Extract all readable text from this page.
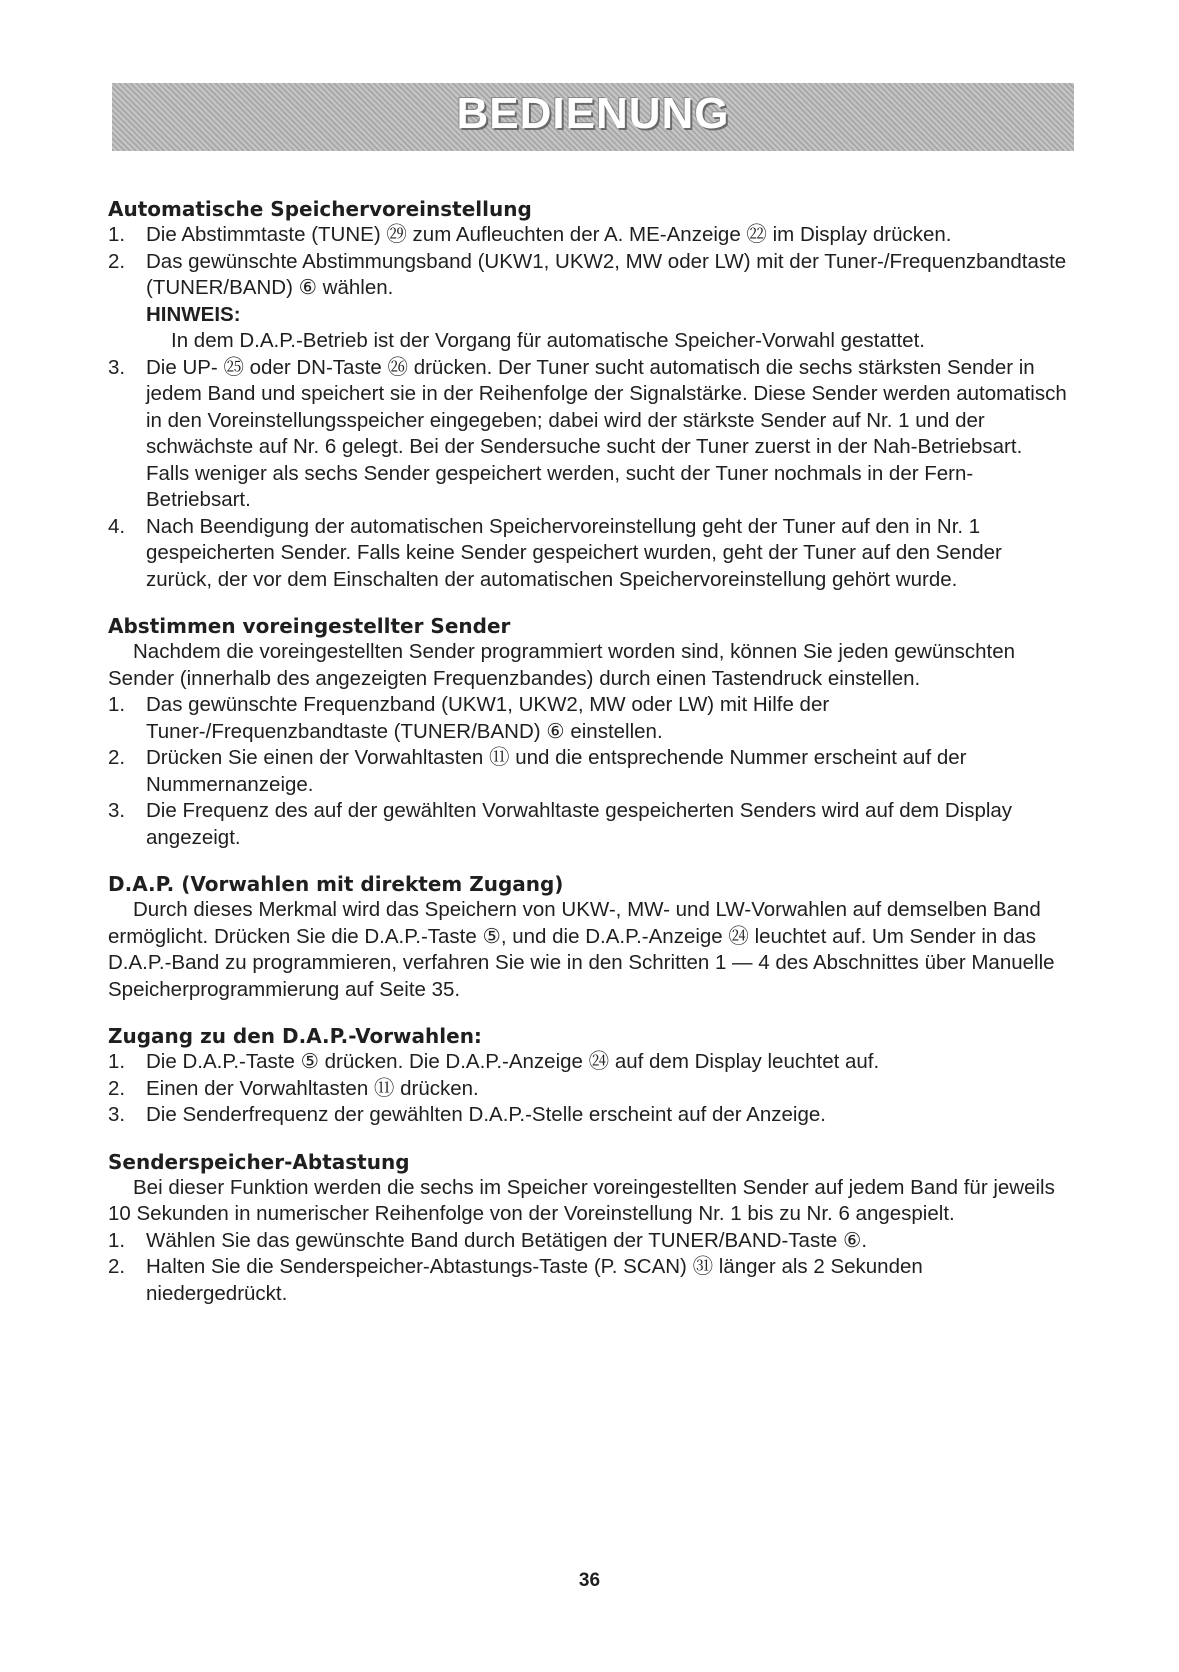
BEDIENUNG

Automatische Speichervoreinstellung

1.	Die Abstimmtaste (TUNE) ㉙ zum Aufleuchten der A. ME-Anzeige ㉒ im Display drücken.
2.	Das gewünschte Abstimmungsband (UKW1, UKW2, MW oder LW) mit der Tuner-/Frequenzbandtaste (TUNER/BAND) ⑥ wählen.
HINWEIS:
In dem D.A.P.-Betrieb ist der Vorgang für automatische Speicher-Vorwahl gestattet.
3.	Die UP- ㉕ oder DN-Taste ㉖ drücken. Der Tuner sucht automatisch die sechs stärksten Sender in jedem Band und speichert sie in der Reihenfolge der Signalstärke. Diese Sender werden automatisch in den Voreinstellungsspeicher eingegeben; dabei wird der stärkste Sender auf Nr. 1 und der schwächste auf Nr. 6 gelegt. Bei der Sendersuche sucht der Tuner zuerst in der Nah-Betriebsart. Falls weniger als sechs Sender gespeichert werden, sucht der Tuner nochmals in der Fern-Betriebsart.
4.	Nach Beendigung der automatischen Speichervoreinstellung geht der Tuner auf den in Nr. 1 gespeicherten Sender. Falls keine Sender gespeichert wurden, geht der Tuner auf den Sender zurück, der vor dem Einschalten der automatischen Speichervoreinstellung gehört wurde.

Abstimmen voreingestellter Sender

Nachdem die voreingestellten Sender programmiert worden sind, können Sie jeden gewünschten Sender (innerhalb des angezeigten Frequenzbandes) durch einen Tastendruck einstellen.

1.	Das gewünschte Frequenzband (UKW1, UKW2, MW oder LW) mit Hilfe der Tuner-/Frequenzbandtaste (TUNER/BAND) ⑥ einstellen.
2.	Drücken Sie einen der Vorwahltasten ⑪ und die entsprechende Nummer erscheint auf der Nummernanzeige.
3.	Die Frequenz des auf der gewählten Vorwahltaste gespeicherten Senders wird auf dem Display angezeigt.

D.A.P. (Vorwahlen mit direktem Zugang)

Durch dieses Merkmal wird das Speichern von UKW-, MW- und LW-Vorwahlen auf demselben Band ermöglicht. Drücken Sie die D.A.P.-Taste ⑤, und die D.A.P.-Anzeige ㉔ leuchtet auf. Um Sender in das D.A.P.-Band zu programmieren, verfahren Sie wie in den Schritten 1 — 4 des Abschnittes über Manuelle Speicherprogrammierung auf Seite 35.

Zugang zu den D.A.P.-Vorwahlen:

1.	Die D.A.P.-Taste ⑤ drücken. Die D.A.P.-Anzeige ㉔ auf dem Display leuchtet auf.
2.	Einen der Vorwahltasten ⑪ drücken.
3.	Die Senderfrequenz der gewählten D.A.P.-Stelle erscheint auf der Anzeige.

Senderspeicher-Abtastung

Bei dieser Funktion werden die sechs im Speicher voreingestellten Sender auf jedem Band für jeweils 10 Sekunden in numerischer Reihenfolge von der Voreinstellung Nr. 1 bis zu Nr. 6 angespielt.

1.	Wählen Sie das gewünschte Band durch Betätigen der TUNER/BAND-Taste ⑥.
2.	Halten Sie die Senderspeicher-Abtastungs-Taste (P. SCAN) ㉛ länger als 2 Sekunden niedergedrückt.
36
